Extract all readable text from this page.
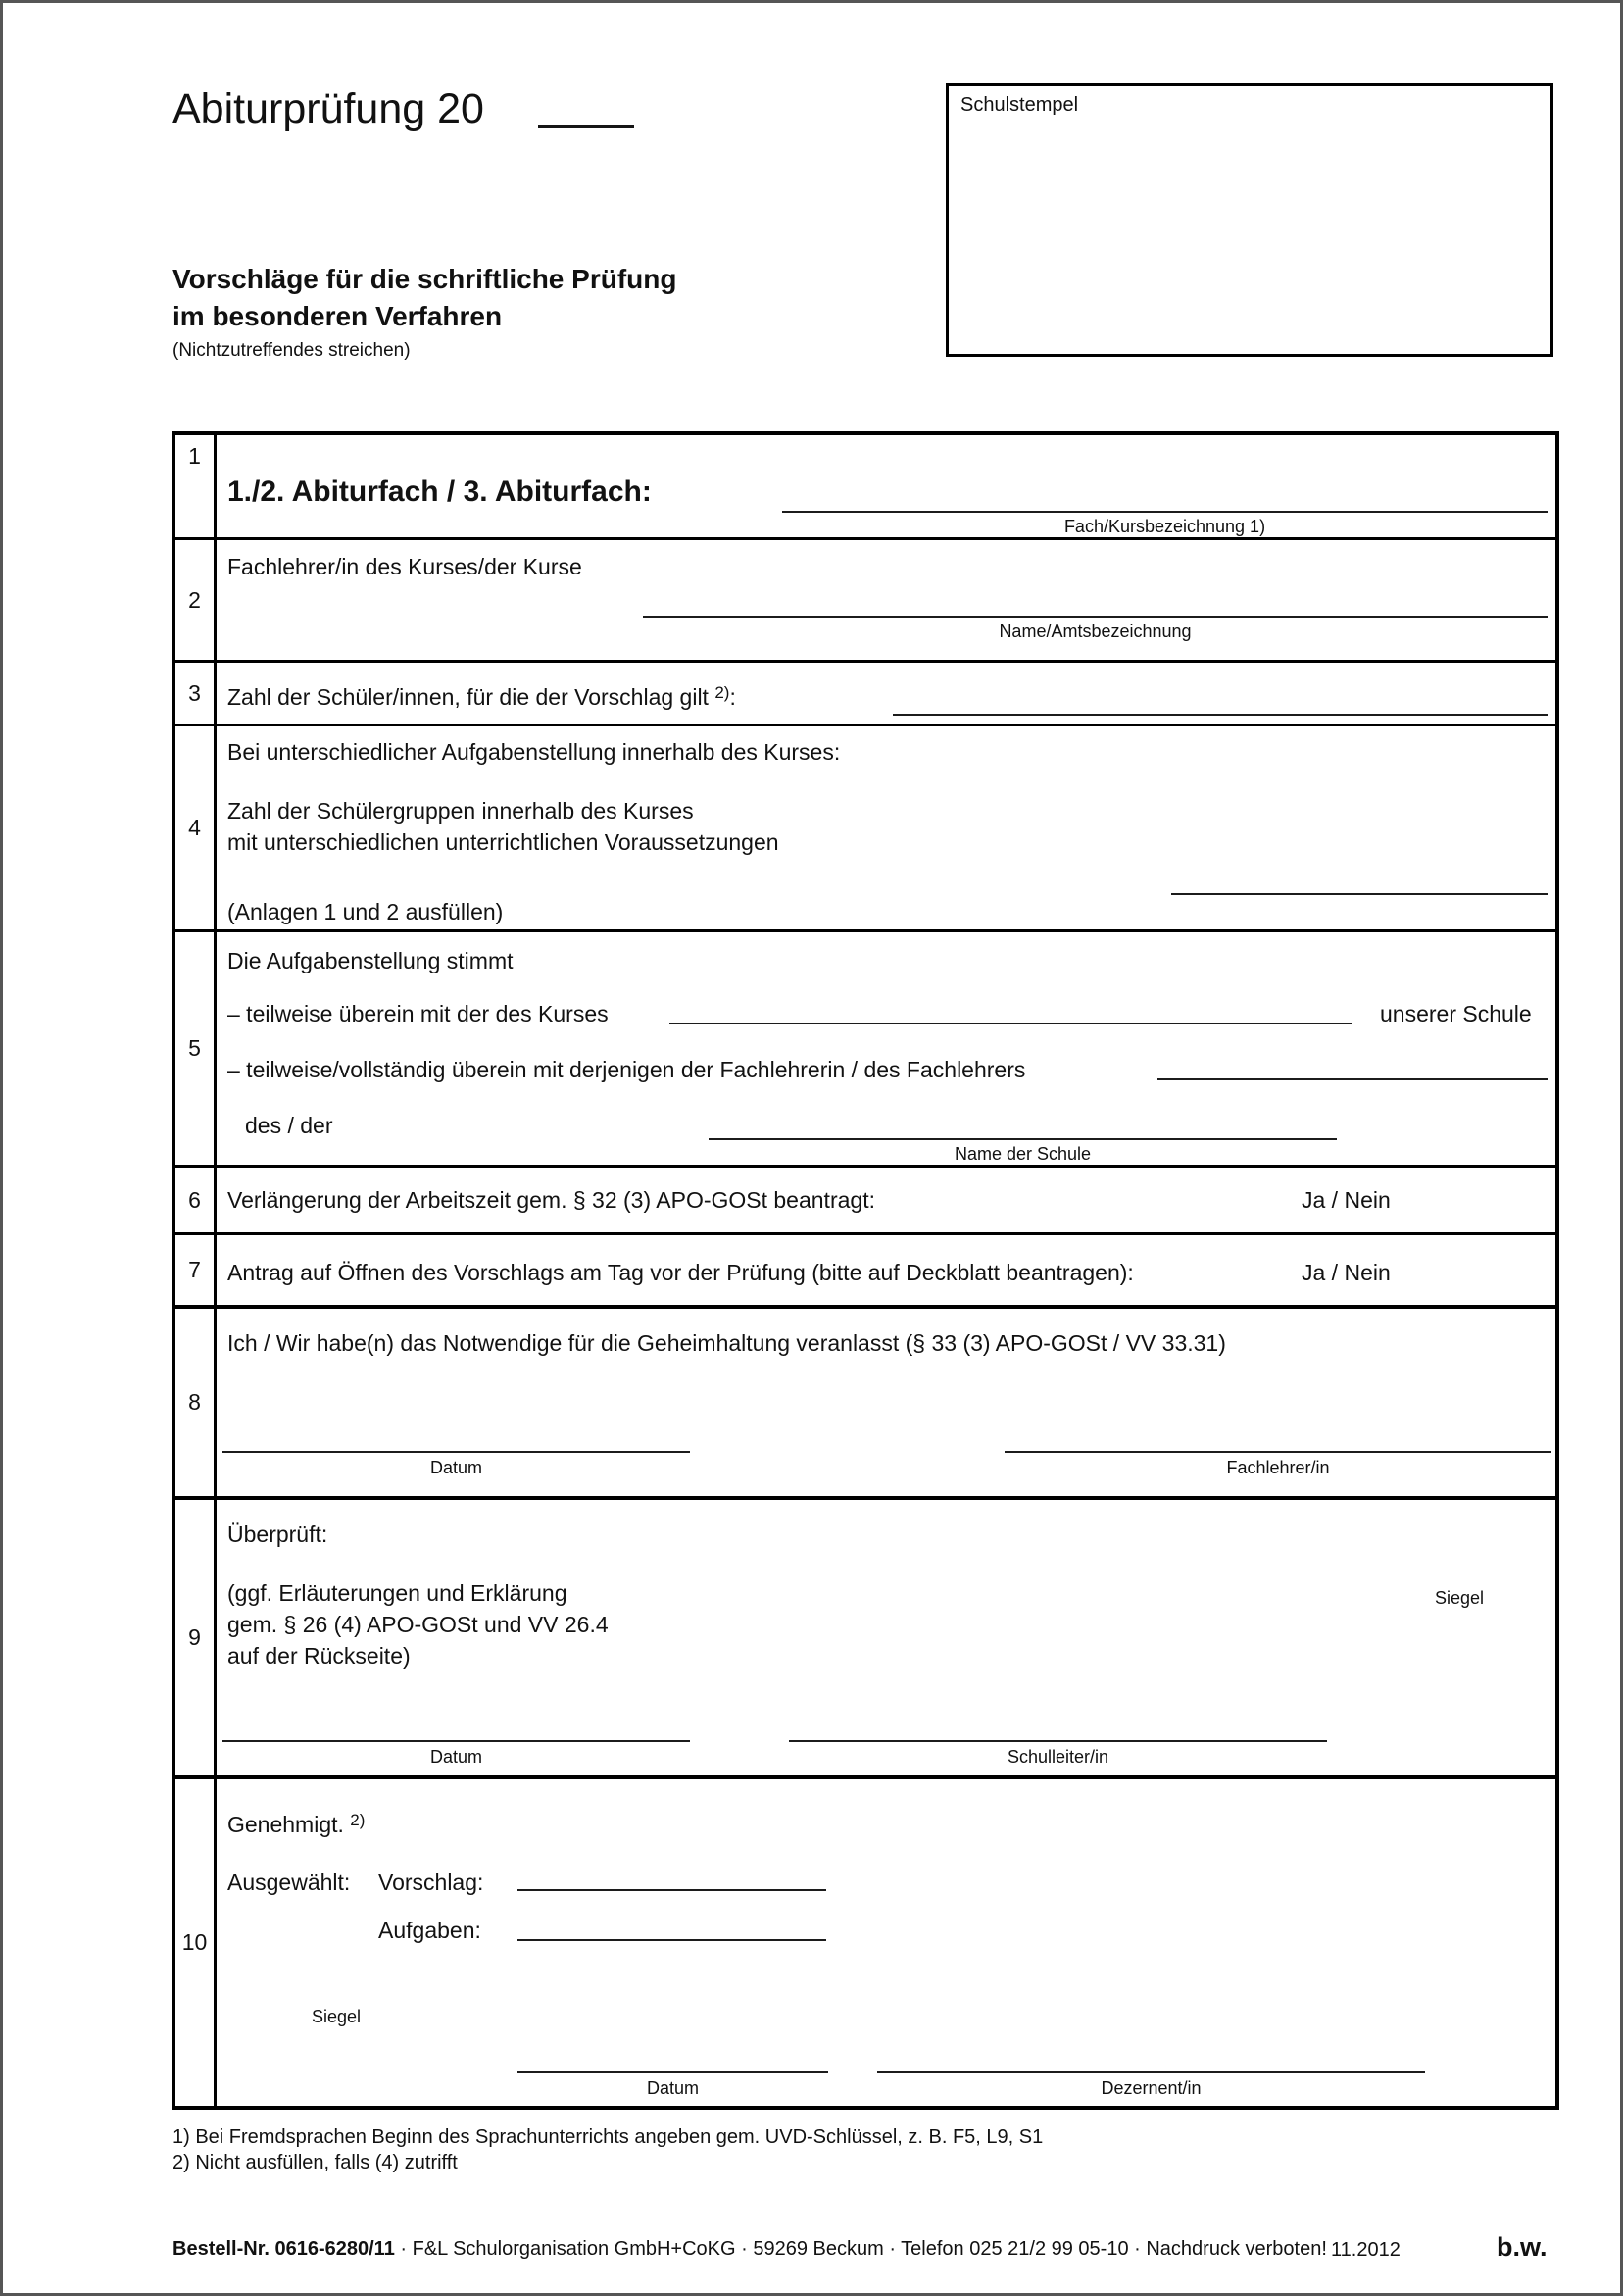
Abiturprüfung 20	Schulstempel
Vorschläge für die schriftliche Prüfung
im besonderen Verfahren
(Nichtzutreffendes streichen)
1
1./2. Abiturfach / 3. Abiturfach:
Fach/Kursbezeichnung 1)
2
Fachlehrer/in des Kurses/der Kurse
Name/Amtsbezeichnung
3	Zahl der Schüler/innen, für die der Vorschlag gilt $^{2)}$:
4
Bei unterschiedlicher Aufgabenstellung innerhalb des Kurses:
Zahl der Schülergruppen innerhalb des Kurses
mit unterschiedlichen unterrichtlichen Voraussetzungen
(Anlagen 1 und 2 ausfüllen)
5
Die Aufgabenstellung stimmt
– teilweise überein mit der des Kurses	unserer Schule
– teilweise/vollständig überein mit derjenigen der Fachlehrerin / des Fachlehrers
des / der
Name der Schule
6	Verlängerung der Arbeitszeit gem. § 32 (3) APO-GOSt beantragt:	Ja / Nein
7	Antrag auf Öffnen des Vorschlags am Tag vor der Prüfung (bitte auf Deckblatt beantragen):	Ja / Nein
8
Ich / Wir habe(n) das Notwendige für die Geheimhaltung veranlasst (§ 33 (3) APO-GOSt / VV 33.31)
Datum	Fachlehrer/in
9
Überprüft:
(ggf. Erläuterungen und Erklärung
gem. § 26 (4) APO-GOSt und VV 26.4
auf der Rückseite)
Siegel
Datum	Schulleiter/in
10
Genehmigt. $^{2)}$
Ausgewählt: Vorschlag:
Aufgaben:
Siegel
Datum	Dezernent/in
1) Bei Fremdsprachen Beginn des Sprachunterrichts angeben gem. UVD-Schlüssel, z. B. F5, L9, S1
2) Nicht ausfüllen, falls (4) zutrifft
Bestell-Nr. 0616-6280/11 · F&L Schulorganisation GmbH+CoKG · 59269 Beckum · Telefon 025 21/2 99 05-10 · Nachdruck verboten! 11.2012	b.w.
